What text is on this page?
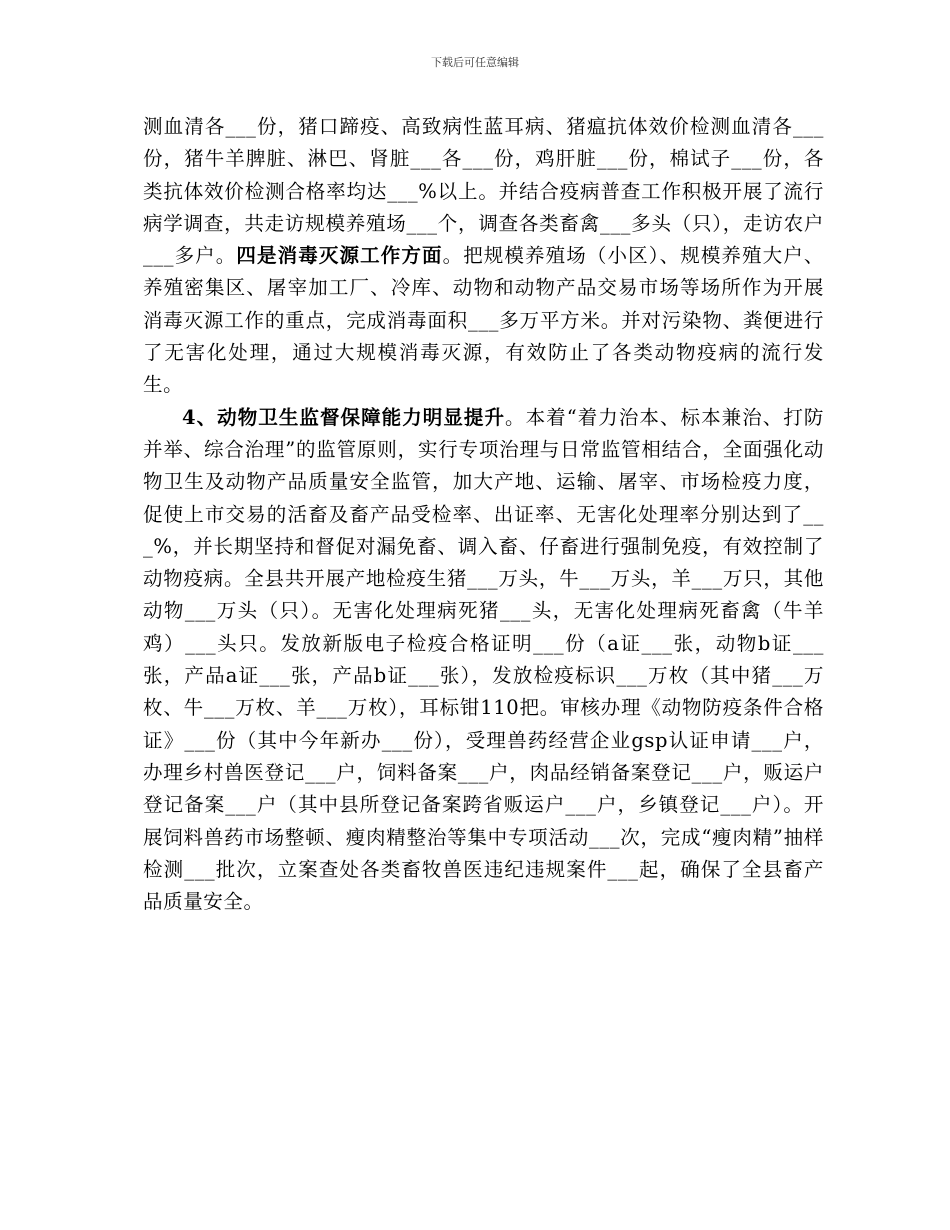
下载后可任意编辑

测血清各___份，猪口蹄疫、高致病性蓝耳病、猪瘟抗体效价检测血清各___份，猪牛羊脾脏、淋巴、肾脏___各___份，鸡肝脏___份，棉试子___份，各类抗体效价检测合格率均达___%以上。并结合疫病普查工作积极开展了流行病学调查，共走访规模养殖场___个，调查各类畜禽___多头（只），走访农户___多户。四是消毒灭源工作方面。把规模养殖场（小区）、规模养殖大户、养殖密集区、屠宰加工厂、冷库、动物和动物产品交易市场等场所作为开展消毒灭源工作的重点，完成消毒面积___多万平方米。并对污染物、粪便进行了无害化处理，通过大规模消毒灭源，有效防止了各类动物疫病的流行发生。

4、动物卫生监督保障能力明显提升。本着“着力治本、标本兼治、打防并举、综合治理”的监管原则，实行专项治理与日常监管相结合，全面强化动物卫生及动物产品质量安全监管，加大产地、运输、屠宰、市场检疫力度，促使上市交易的活畜及畜产品受检率、出证率、无害化处理率分别达到了___%，并长期坚持和督促对漏免畜、调入畜、仔畜进行强制免疫，有效控制了动物疫病。全县共开展产地检疫生猪___万头，牛___万头，羊___万只，其他动物___万头（只）。无害化处理病死猪___头，无害化处理病死畜禽（牛羊鸡）___头只。发放新版电子检疫合格证明___份（a证___张，动物b证___张，产品a证___张，产品b证___张），发放检疫标识___万枚（其中猪___万枚、牛___万枚、羊___万枚），耳标钳110把。审核办理《动物防疫条件合格证》___份（其中今年新办___份），受理兽药经营企业gsp认证申请___户，办理乡村兽医登记___户，饲料备案___户，肉品经销备案登记___户，贩运户登记备案___户（其中县所登记备案跨省贩运户___户，乡镇登记___户）。开展饲料兽药市场整顿、瘦肉精整治等集中专项活动___次，完成“瘦肉精”抽样检测___批次，立案查处各类畜牧兽医违纪违规案件___起，确保了全县畜产品质量安全。
